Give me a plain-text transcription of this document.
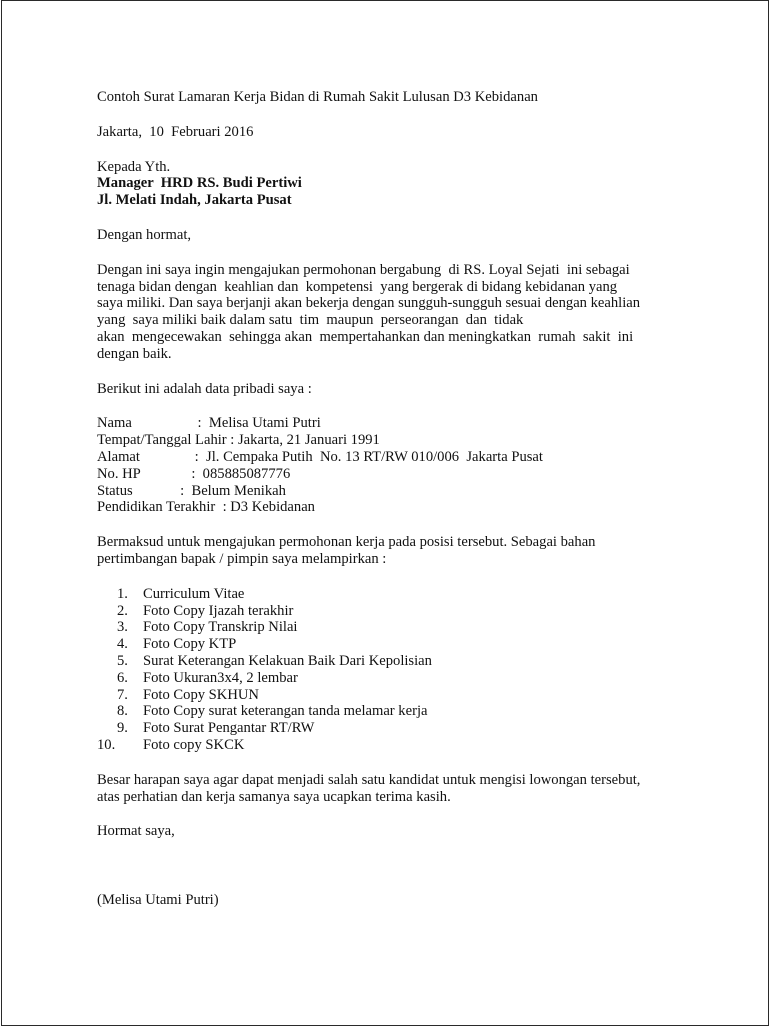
Contoh Surat Lamaran Kerja Bidan di Rumah Sakit Lulusan D3 Kebidanan
Jakarta,  10  Februari 2016
Kepada Yth.
Manager  HRD RS. Budi Pertiwi
Jl. Melati Indah, Jakarta Pusat
Dengan hormat,
Dengan ini saya ingin mengajukan permohonan bergabung  di RS. Loyal Sejati  ini sebagai
tenaga bidan dengan  keahlian dan  kompetensi  yang bergerak di bidang kebidanan yang
saya miliki. Dan saya berjanji akan bekerja dengan sungguh-sungguh sesuai dengan keahlian
yang  saya miliki baik dalam satu  tim  maupun  perseorangan  dan  tidak
akan  mengecewakan  sehingga akan  mempertahankan dan meningkatkan  rumah  sakit  ini
dengan baik.
Berikut ini adalah data pribadi saya :
Nama                  :  Melisa Utami Putri
Tempat/Tanggal Lahir : Jakarta, 21 Januari 1991
Alamat               :  Jl. Cempaka Putih  No. 13 RT/RW 010/006  Jakarta Pusat
No. HP              :  085885087776
Status             :  Belum Menikah
Pendidikan Terakhir  : D3 Kebidanan
Bermaksud untuk mengajukan permohonan kerja pada posisi tersebut. Sebagai bahan
pertimbangan bapak / pimpin saya melampirkan :
1. Curriculum Vitae
2. Foto Copy Ijazah terakhir
3. Foto Copy Transkrip Nilai
4. Foto Copy KTP
5. Surat Keterangan Kelakuan Baik Dari Kepolisian
6. Foto Ukuran3x4, 2 lembar
7. Foto Copy SKHUN
8. Foto Copy surat keterangan tanda melamar kerja
9. Foto Surat Pengantar RT/RW
10. Foto copy SKCK
Besar harapan saya agar dapat menjadi salah satu kandidat untuk mengisi lowongan tersebut,
atas perhatian dan kerja samanya saya ucapkan terima kasih.
Hormat saya,
(Melisa Utami Putri)
